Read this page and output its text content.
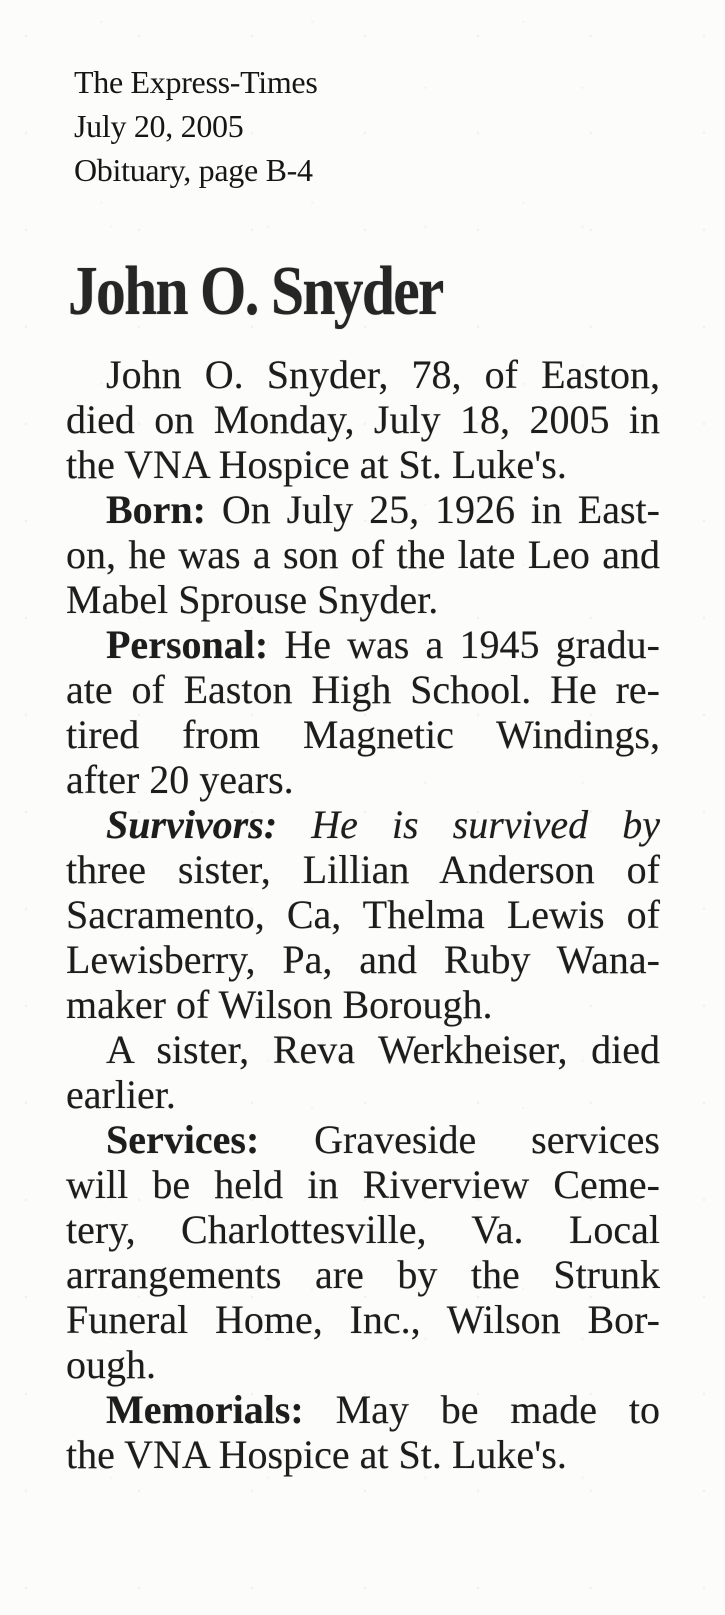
The Express-Times
July 20, 2005
Obituary, page B-4
John O. Snyder
John O. Snyder, 78, of Easton,
died on Monday, July 18, 2005 in
the VNA Hospice at St. Luke's.
Born: On July 25, 1926 in East-
on, he was a son of the late Leo and
Mabel Sprouse Snyder.
Personal: He was a 1945 gradu-
ate of Easton High School. He re-
tired from Magnetic Windings,
after 20 years.
Survivors: He is survived by
three sister, Lillian Anderson of
Sacramento, Ca, Thelma Lewis of
Lewisberry, Pa, and Ruby Wana-
maker of Wilson Borough.
A sister, Reva Werkheiser, died
earlier.
Services: Graveside services
will be held in Riverview Ceme-
tery, Charlottesville, Va. Local
arrangements are by the Strunk
Funeral Home, Inc., Wilson Bor-
ough.
Memorials: May be made to
the VNA Hospice at St. Luke's.
